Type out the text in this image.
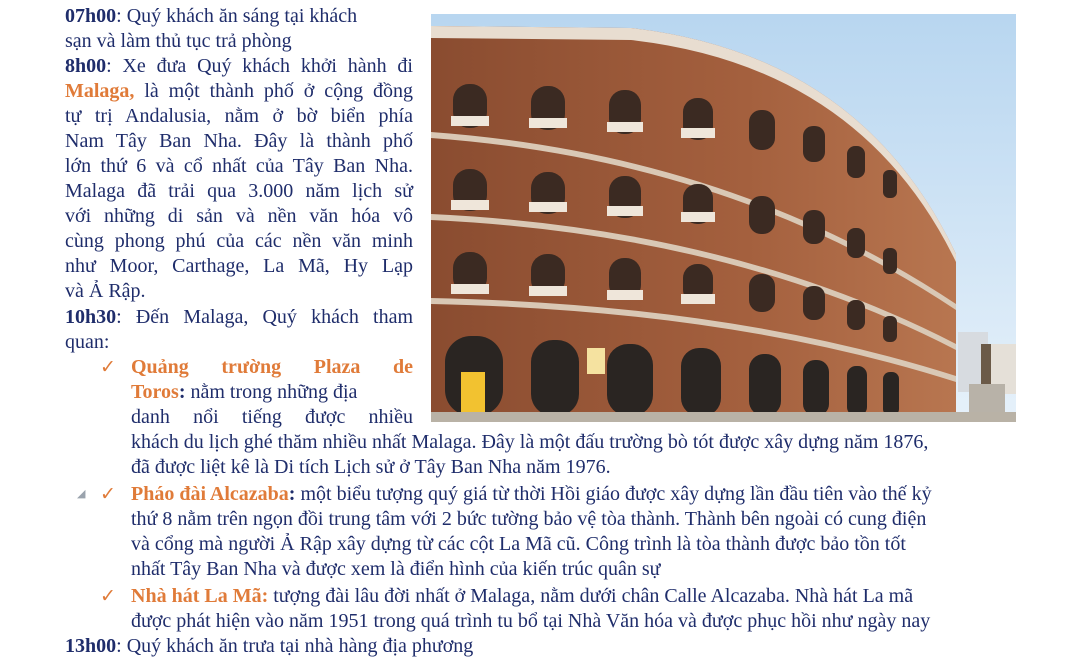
07h00: Quý khách ăn sáng tại khách
sạn và làm thủ tục trả phòng
8h00: Xe đưa Quý khách khởi hành đi
Malaga, là một thành phố ở cộng đồng
tự trị Andalusia, nằm ở bờ biển phía
Nam Tây Ban Nha. Đây là thành phố
lớn thứ 6 và cổ nhất của Tây Ban Nha.
Malaga đã trải qua 3.000 năm lịch sử
với những di sản và nền văn hóa vô
cùng phong phú của các nền văn minh
như Moor, Carthage, La Mã, Hy Lạp
và Ả Rập.
10h30: Đến Malaga, Quý khách tham
quan:
✓ Quảng trường Plaza de
Toros: nằm trong những địa
danh nổi tiếng được nhiều
khách du lịch ghé thăm nhiều nhất Malaga. Đây là một đấu trường bò tót được xây dựng năm 1876,
đã được liệt kê là Di tích Lịch sử ở Tây Ban Nha năm 1976.
◢ ✓ Pháo đài Alcazaba: một biểu tượng quý giá từ thời Hồi giáo được xây dựng lần đầu tiên vào thế kỷ
thứ 8 nằm trên ngọn đồi trung tâm với 2 bức tường bảo vệ tòa thành. Thành bên ngoài có cung điện
và cổng mà người Ả Rập xây dựng từ các cột La Mã cũ. Công trình là tòa thành được bảo tồn tốt
nhất Tây Ban Nha và được xem là điển hình của kiến trúc quân sự
✓ Nhà hát La Mã: tượng đài lâu đời nhất ở Malaga, nằm dưới chân Calle Alcazaba. Nhà hát La mã
được phát hiện vào năm 1951 trong quá trình tu bổ tại Nhà Văn hóa và được phục hồi như ngày nay
13h00: Quý khách ăn trưa tại nhà hàng địa phương
